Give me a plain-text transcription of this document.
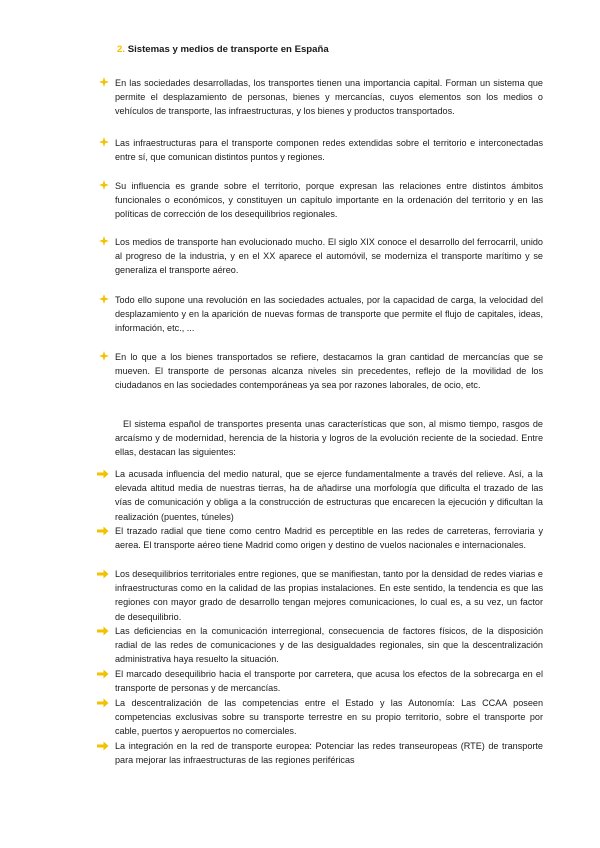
2. Sistemas y medios de transporte en España
En las sociedades desarrolladas, los transportes tienen una importancia capital. Forman un sistema que permite el desplazamiento de personas, bienes y mercancías, cuyos elementos son los medios o vehículos de transporte, las infraestructuras, y los bienes y productos transportados.
Las infraestructuras para el transporte componen redes extendidas sobre el territorio e interconectadas entre sí, que comunican distintos puntos y regiones.
Su influencia es grande sobre el territorio, porque expresan las relaciones entre distintos ámbitos funcionales o económicos, y constituyen un capítulo importante en la ordenación del territorio y en las políticas de corrección de los desequilibrios regionales.
Los medios de transporte han evolucionado mucho. El siglo XIX conoce el desarrollo del ferrocarril, unido al progreso de la industria, y en el XX aparece el automóvil, se moderniza el transporte marítimo y se generaliza el transporte aéreo.
Todo ello supone una revolución en las sociedades actuales, por la capacidad de carga, la velocidad del desplazamiento y en la aparición de nuevas formas de transporte que permite el flujo de capitales, ideas, información, etc., ...
En lo que a los bienes transportados se refiere, destacamos la gran cantidad de mercancías que se mueven. El transporte de personas alcanza niveles sin precedentes, reflejo de la movilidad de los ciudadanos en las sociedades contemporáneas ya sea por razones laborales, de ocio, etc.
El sistema español de transportes presenta unas características que son, al mismo tiempo, rasgos de arcaísmo y de modernidad, herencia de la historia y logros de la evolución reciente de la sociedad. Entre ellas, destacan las siguientes:
La acusada influencia del medio natural, que se ejerce fundamentalmente a través del relieve. Así, a la elevada altitud media de nuestras tierras, ha de añadirse una morfología que dificulta el trazado de las vías de comunicación y obliga a la construcción de estructuras que encarecen la ejecución y dificultan la realización (puentes, túneles)
El trazado radial que tiene como centro Madrid es perceptible en las redes de carreteras, ferroviaria y aerea. El transporte aéreo tiene Madrid como origen y destino de vuelos nacionales e internacionales.
Los desequilibrios territoriales entre regiones, que se manifiestan, tanto por la densidad de redes viarias e infraestructuras como en la calidad de las propias instalaciones. En este sentido, la tendencia es que las regiones con mayor grado de desarrollo tengan mejores comunicaciones, lo cual es, a su vez, un factor de desequilibrio.
Las deficiencias en la comunicación interregional, consecuencia de factores físicos, de la disposición radial de las redes de comunicaciones y de las desigualdades regionales, sin que la descentralización administrativa haya resuelto la situación.
El marcado desequilibrio hacia el transporte por carretera, que acusa los efectos de la sobrecarga en el transporte de personas y de mercancías.
La descentralización de las competencias entre el Estado y las Autonomía: Las CCAA poseen competencias exclusivas sobre su transporte terrestre en su propio territorio, sobre el transporte por cable, puertos y aeropuertos no comerciales.
La integración en la red de transporte europea: Potenciar las redes transeuropeas (RTE) de transporte para mejorar las infraestructuras de las regiones periféricas
